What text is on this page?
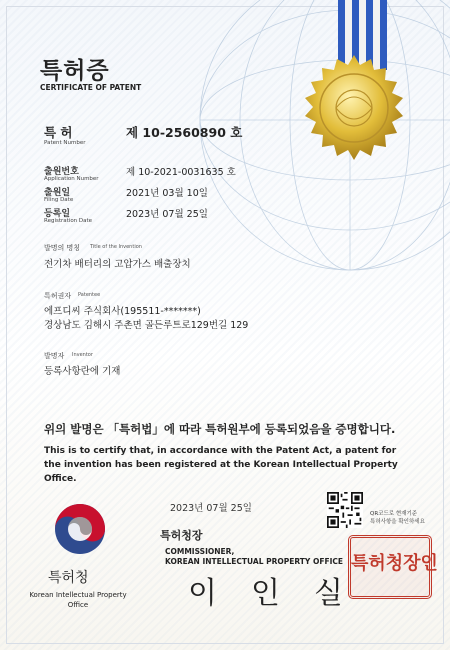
특허증
CERTIFICATE OF PATENT
특 허
Patent Number
제 10-2560890 호
출원번호
Application Number
제 10-2021-0031635 호
출원일
Filing Date
2021년 03월 10일
등록일
Registration Date
2023년 07월 25일
발명의 명칭 Title of the Invention
전기차 배터리의 고압가스 배출장치
특허권자 Patentee
에프디씨 주식회사(195511-*******)
경상남도 김해시 주촌면 골든루트로129번길 129
발명자 Inventor
등록사항란에 기재
위의 발명은 「특허법」에 따라 특허원부에 등록되었음을 증명합니다.
This is to certify that, in accordance with the Patent Act, a patent for the invention has been registered at the Korean Intellectual Property Office.
2023년 07월 25일	QR코드로 현재기준
특허사항을 확인하세요
특허청장
COMMISSIONER,
KOREAN INTELLECTUAL PROPERTY OFFICE
이인실
특허청장인
특허청
Korean Intellectual Property Office
